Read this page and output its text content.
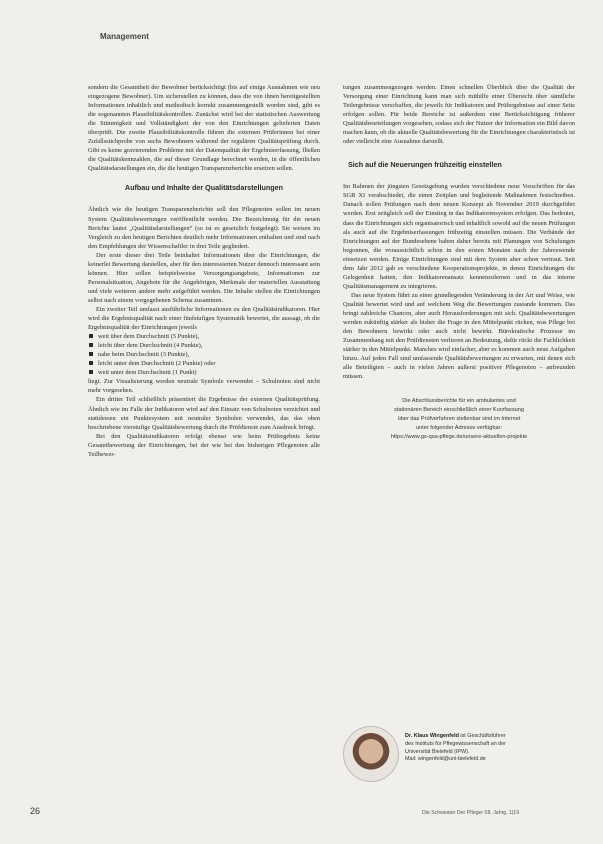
Management

sondern die Gesamtheit der Bewohner berücksichtigt (bis auf einige Ausnahmen wie neu eingezogene Bewohner). Um sicherstellen zu können, dass die von ihnen bereitgestellten Informationen inhaltlich und methodisch korrekt zusammengestellt worden sind, gibt es die sogenannten Plausibilitätskontrollen. Zunächst wird bei der statistischen Auswertung die Stimmigkeit und Vollständigkeit der von den Einrichtungen gelieferten Daten überprüft. Die zweite Plausibilitätskontrolle führen die externen Prüferinnen bei einer Zufallsstichprobe von sechs Bewohnern während der regulären Qualitätsprüfung durch. Gibt es keine gravierenden Probleme mit der Datenqualität der Ergebniserfassung, fließen die Qualitätskennzahlen, die auf dieser Grundlage berechnet werden, in die öffentlichen Qualitätsdarstellungen ein, die die heutigen Transparenzberichte ersetzen sollen.

Aufbau und Inhalte der Qualitätsdarstellungen

Ähnlich wie die heutigen Transparenzberichte soll den Pflegenoten sollen im neuen System Qualitätsbewertungen veröffentlicht werden. Die Bezeichnung für die neuen Berichte lautet „Qualitätsdarstellungen“ (so ist es gesetzlich festgelegt). Sie weisen im Vergleich zu den heutigen Berichten deutlich mehr Informationen enthalten und sind nach den Empfehlungen der Wissenschaftler in drei Teile gegliedert.

Der erste dieser drei Teile beinhaltet Informationen über die Einrichtungen, die keinerlei Bewertung darstellen, aber für den interessierten Nutzer dennoch interessant sein können. Hier sollen beispielsweise Versorgungsangebote, Informationen zur Personalsituation, Angebote für die Angehörigen, Merkmale der materiellen Ausstattung und viele weiteren andere mehr aufgeführt werden. Die Inhalte stellen die Einrichtungen selbst nach einem vorgegebenen Schema zusammen.

Ein zweiter Teil umfasst ausführliche Informationen zu den Qualitätsindikatoren. Hier wird die Ergebnisqualität nach einer fünfstufigen Systematik bewertet, die aussagt, ob die Ergebnisqualität der Einrichtungen jeweils

weit über dem Durchschnitt (5 Punkte),
leicht über dem Durchschnitt (4 Punkte),
nahe beim Durchschnitt (3 Punkte),
leicht unter dem Durchschnitt (2 Punkte) oder
weit unter dem Durchschnitt (1 Punkt)

liegt. Zur Visualisierung werden neutrale Symbole verwendet – Schulnoten sind nicht mehr vorgesehen.

Ein dritter Teil schließlich präsentiert die Ergebnisse der externen Qualitätsprüfung. Ähnlich wie im Falle der Indikatoren wird auf den Einsatz von Schulnoten verzichtet und stattdessen ein Punktesystem mit neutraler Symbolen verwendet, das das oben beschriebene vierstufige Qualitätsbewertung durch die Prüfdienste zum Ausdruck bringt.

Bei den Qualitätsindikatoren erfolgt ebenso wie beim Prüfergebnis keine Gesamtbewertung der Einrichtungen, bei der wie bei den bisherigen Pflegenoten alle Teilbewer-

tungen zusammengezogen werden. Einen schnellen Überblick über die Qualität der Versorgung einer Einrichtung kann man sich mithilfe einer Übersicht über sämtliche Teilergebnisse verschaffen, die jeweils für Indikatoren und Prüfergebnisse auf einer Seite erfolgen sollen. Für beide Bereiche ist außerdem eine Berücksichtigung früherer Qualitätsbeurteilungen vorgesehen, sodass sich der Nutzer der Information ein Bild davon machen kann, ob die aktuelle Qualitätsbewertung für die Einrichtungen charakteristisch ist oder vielleicht eine Ausnahme darstellt.

Sich auf die Neuerungen frühzeitig einstellen

Im Rahmen der jüngsten Gesetzgebung wurden verschiedene neue Vorschriften für das SGB XI verabschiedet, die einen Zeitplan und begleitende Maßnahmen festschreiben. Danach sollen Prüfungen nach dem neuen Konzept ab November 2019 durchgeführt werden. Erst zeitgleich soll der Einstieg in das Indikatorensystem erfolgen. Das bedeutet, dass die Einrichtungen sich organisatorisch und inhaltlich sowohl auf die neuen Prüfungen als auch auf die Ergebniserfassungen frühzeitig einstellen müssen. Die Verbände der Einrichtungen auf der Bundesebene haben daher bereits mit Planungen von Schulungen begonnen, die voraussichtlich schon in den ersten Monaten nach der Jahreswende einsetzen werden. Einige Einrichtungen sind mit dem System aber schon vertraut. Seit dem Jahr 2012 gab es verschiedene Kooperationsprojekte, in denen Einrichtungen die Gelegenheit hatten, den Indikatorenansatz kennenzulernen und in das interne Qualitätsmanagement zu integrieren.

Das neue System führt zu einer grundlegenden Veränderung in der Art und Weise, wie Qualität bewertet wird und auf welchem Weg die Bewertungen zustande kommen. Das bringt zahlreiche Chancen, aber auch Herausforderungen mit sich. Qualitätsbewertungen werden zukünftig stärker als bisher die Frage in den Mittelpunkt rücken, was Pflege bei den Bewohnern bewirkt oder auch nicht bewirkt. Bürokratische Prozesse im Zusammenhang mit den Prüfdiensten verlieren an Bedeutung, dafür rückt die Fachlichkeit stärker in den Mittelpunkt. Manches wird einfacher, aber es kommen auch neue Aufgaben hinzu. Auf jeden Fall sind umfassende Qualitätsbewertungen zu erwarten, mit denen sich alle Beteiligten – auch in vielen Jahren außerst positiver Pflegenoten – anfreunden müssen.

Die Abschlussberichte für ein ambulantes und
stationären Bereich einschließlich einer Kurzfassung
über das Prüfverfahren stellenbar sind im Internet
unter folgender Adresse verfügbar:
https://www.gs-qsa-pflege.de/unsere-aktuellen-projekte
Dr. Klaus Wingenfeld ist Geschäftsführer
des Instituts für Pflegewissenschaft an der
Universität Bielefeld (IPW).
Mail: wingenfeld@uni-bielefeld.de
26	Die Schwester Der Pfleger 58. Jahrg. 1|19
